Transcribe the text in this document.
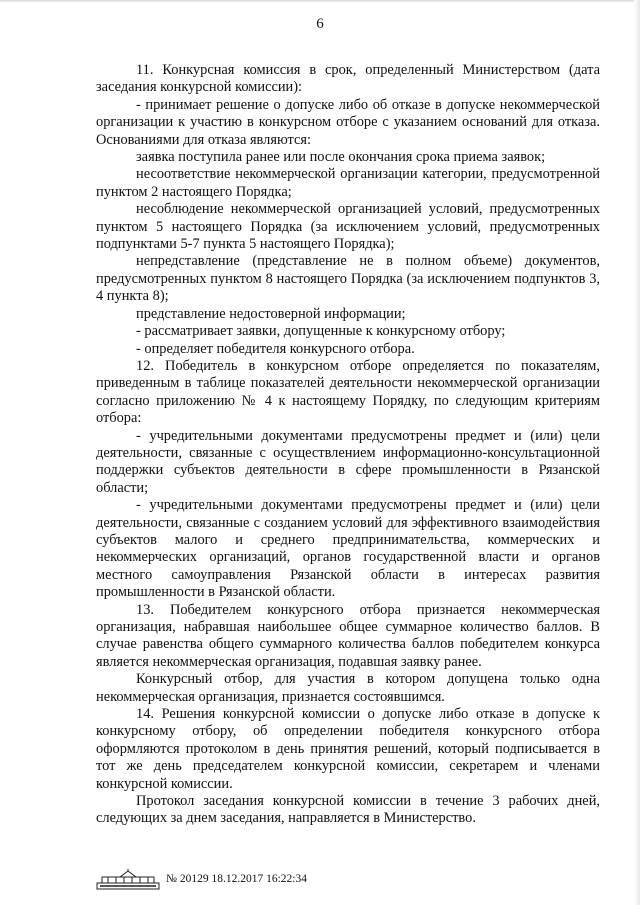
6

11. Конкурсная комиссия в срок, определенный Министерством (дата заседания конкурсной комиссии):

- принимает решение о допуске либо об отказе в допуске некоммерческой организации к участию в конкурсном отборе с указанием оснований для отказа. Основаниями для отказа являются:

заявка поступила ранее или после окончания срока приема заявок;

несоответствие некоммерческой организации категории, предусмотренной пунктом 2 настоящего Порядка;

несоблюдение некоммерческой организацией условий, предусмотренных пунктом 5 настоящего Порядка (за исключением условий, предусмотренных подпунктами 5-7 пункта 5 настоящего Порядка);

непредставление (представление не в полном объеме) документов, предусмотренных пунктом 8 настоящего Порядка (за исключением подпунктов 3, 4 пункта 8);

представление недостоверной информации;

- рассматривает заявки, допущенные к конкурсному отбору;

- определяет победителя конкурсного отбора.

12. Победитель в конкурсном отборе определяется по показателям, приведенным в таблице показателей деятельности некоммерческой организации согласно приложению № 4 к настоящему Порядку, по следующим критериям отбора:

- учредительными документами предусмотрены предмет и (или) цели деятельности, связанные с осуществлением информационно-консультационной поддержки субъектов деятельности в сфере промышленности в Рязанской области;

- учредительными документами предусмотрены предмет и (или) цели деятельности, связанные с созданием условий для эффективного взаимодействия субъектов малого и среднего предпринимательства, коммерческих и некоммерческих организаций, органов государственной власти и органов местного самоуправления Рязанской области в интересах развития промышленности в Рязанской области.

13. Победителем конкурсного отбора признается некоммерческая организация, набравшая наибольшее общее суммарное количество баллов. В случае равенства общего суммарного количества баллов победителем конкурса является некоммерческая организация, подавшая заявку ранее.

Конкурсный отбор, для участия в котором допущена только одна некоммерческая организация, признается состоявшимся.

14. Решения конкурсной комиссии о допуске либо отказе в допуске к конкурсному отбору, об определении победителя конкурсного отбора оформляются протоколом в день принятия решений, который подписывается в тот же день председателем конкурсной комиссии, секретарем и членами конкурсной комиссии.

Протокол заседания конкурсной комиссии в течение 3 рабочих дней, следующих за днем заседания, направляется в Министерство.

№ 20129 18.12.2017 16:22:34
